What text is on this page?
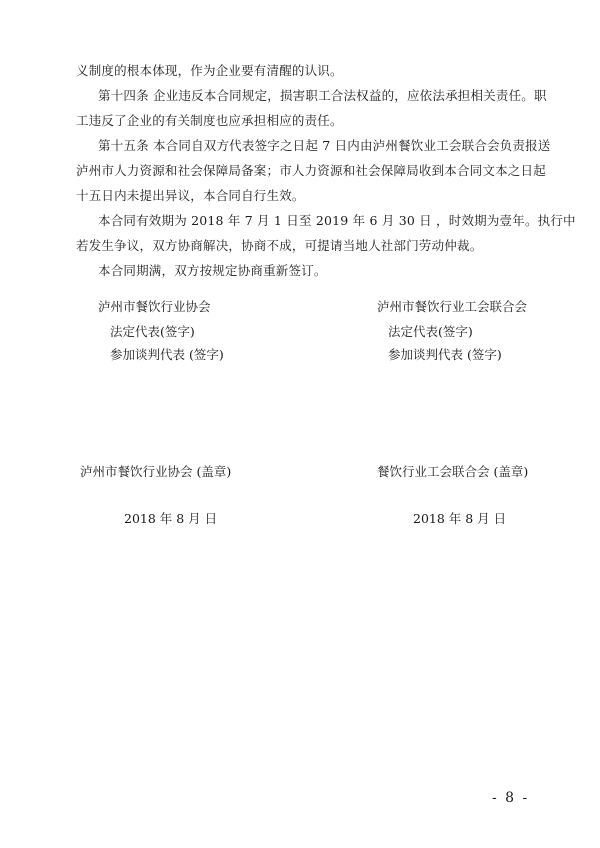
义制度的根本体现，作为企业要有清醒的认识。
第十四条 企业违反本合同规定，损害职工合法权益的，应依法承担相关责任。职
工违反了企业的有关制度也应承担相应的责任。
第十五条 本合同自双方代表签字之日起 7 日内由泸州餐饮业工会联合会负责报送
泸州市人力资源和社会保障局备案；市人力资源和社会保障局收到本合同文本之日起
十五日内未提出异议，本合同自行生效。
本合同有效期为 2018 年 7 月 1 日至 2019 年 6 月 30 日 ，时效期为壹年。执行中
若发生争议，双方协商解决，协商不成，可提请当地人社部门劳动仲裁。
本合同期满，双方按规定协商重新签订。
泸州市餐饮行业协会
法定代表(签字)
参加谈判代表 (签字)
泸州市餐饮行业工会联合会
法定代表(签字)
参加谈判代表 (签字)
泸州市餐饮行业协会 (盖章)	餐饮行业工会联合会 (盖章)
2018 年 8 月 日	2018 年 8 月 日
- 8 -
